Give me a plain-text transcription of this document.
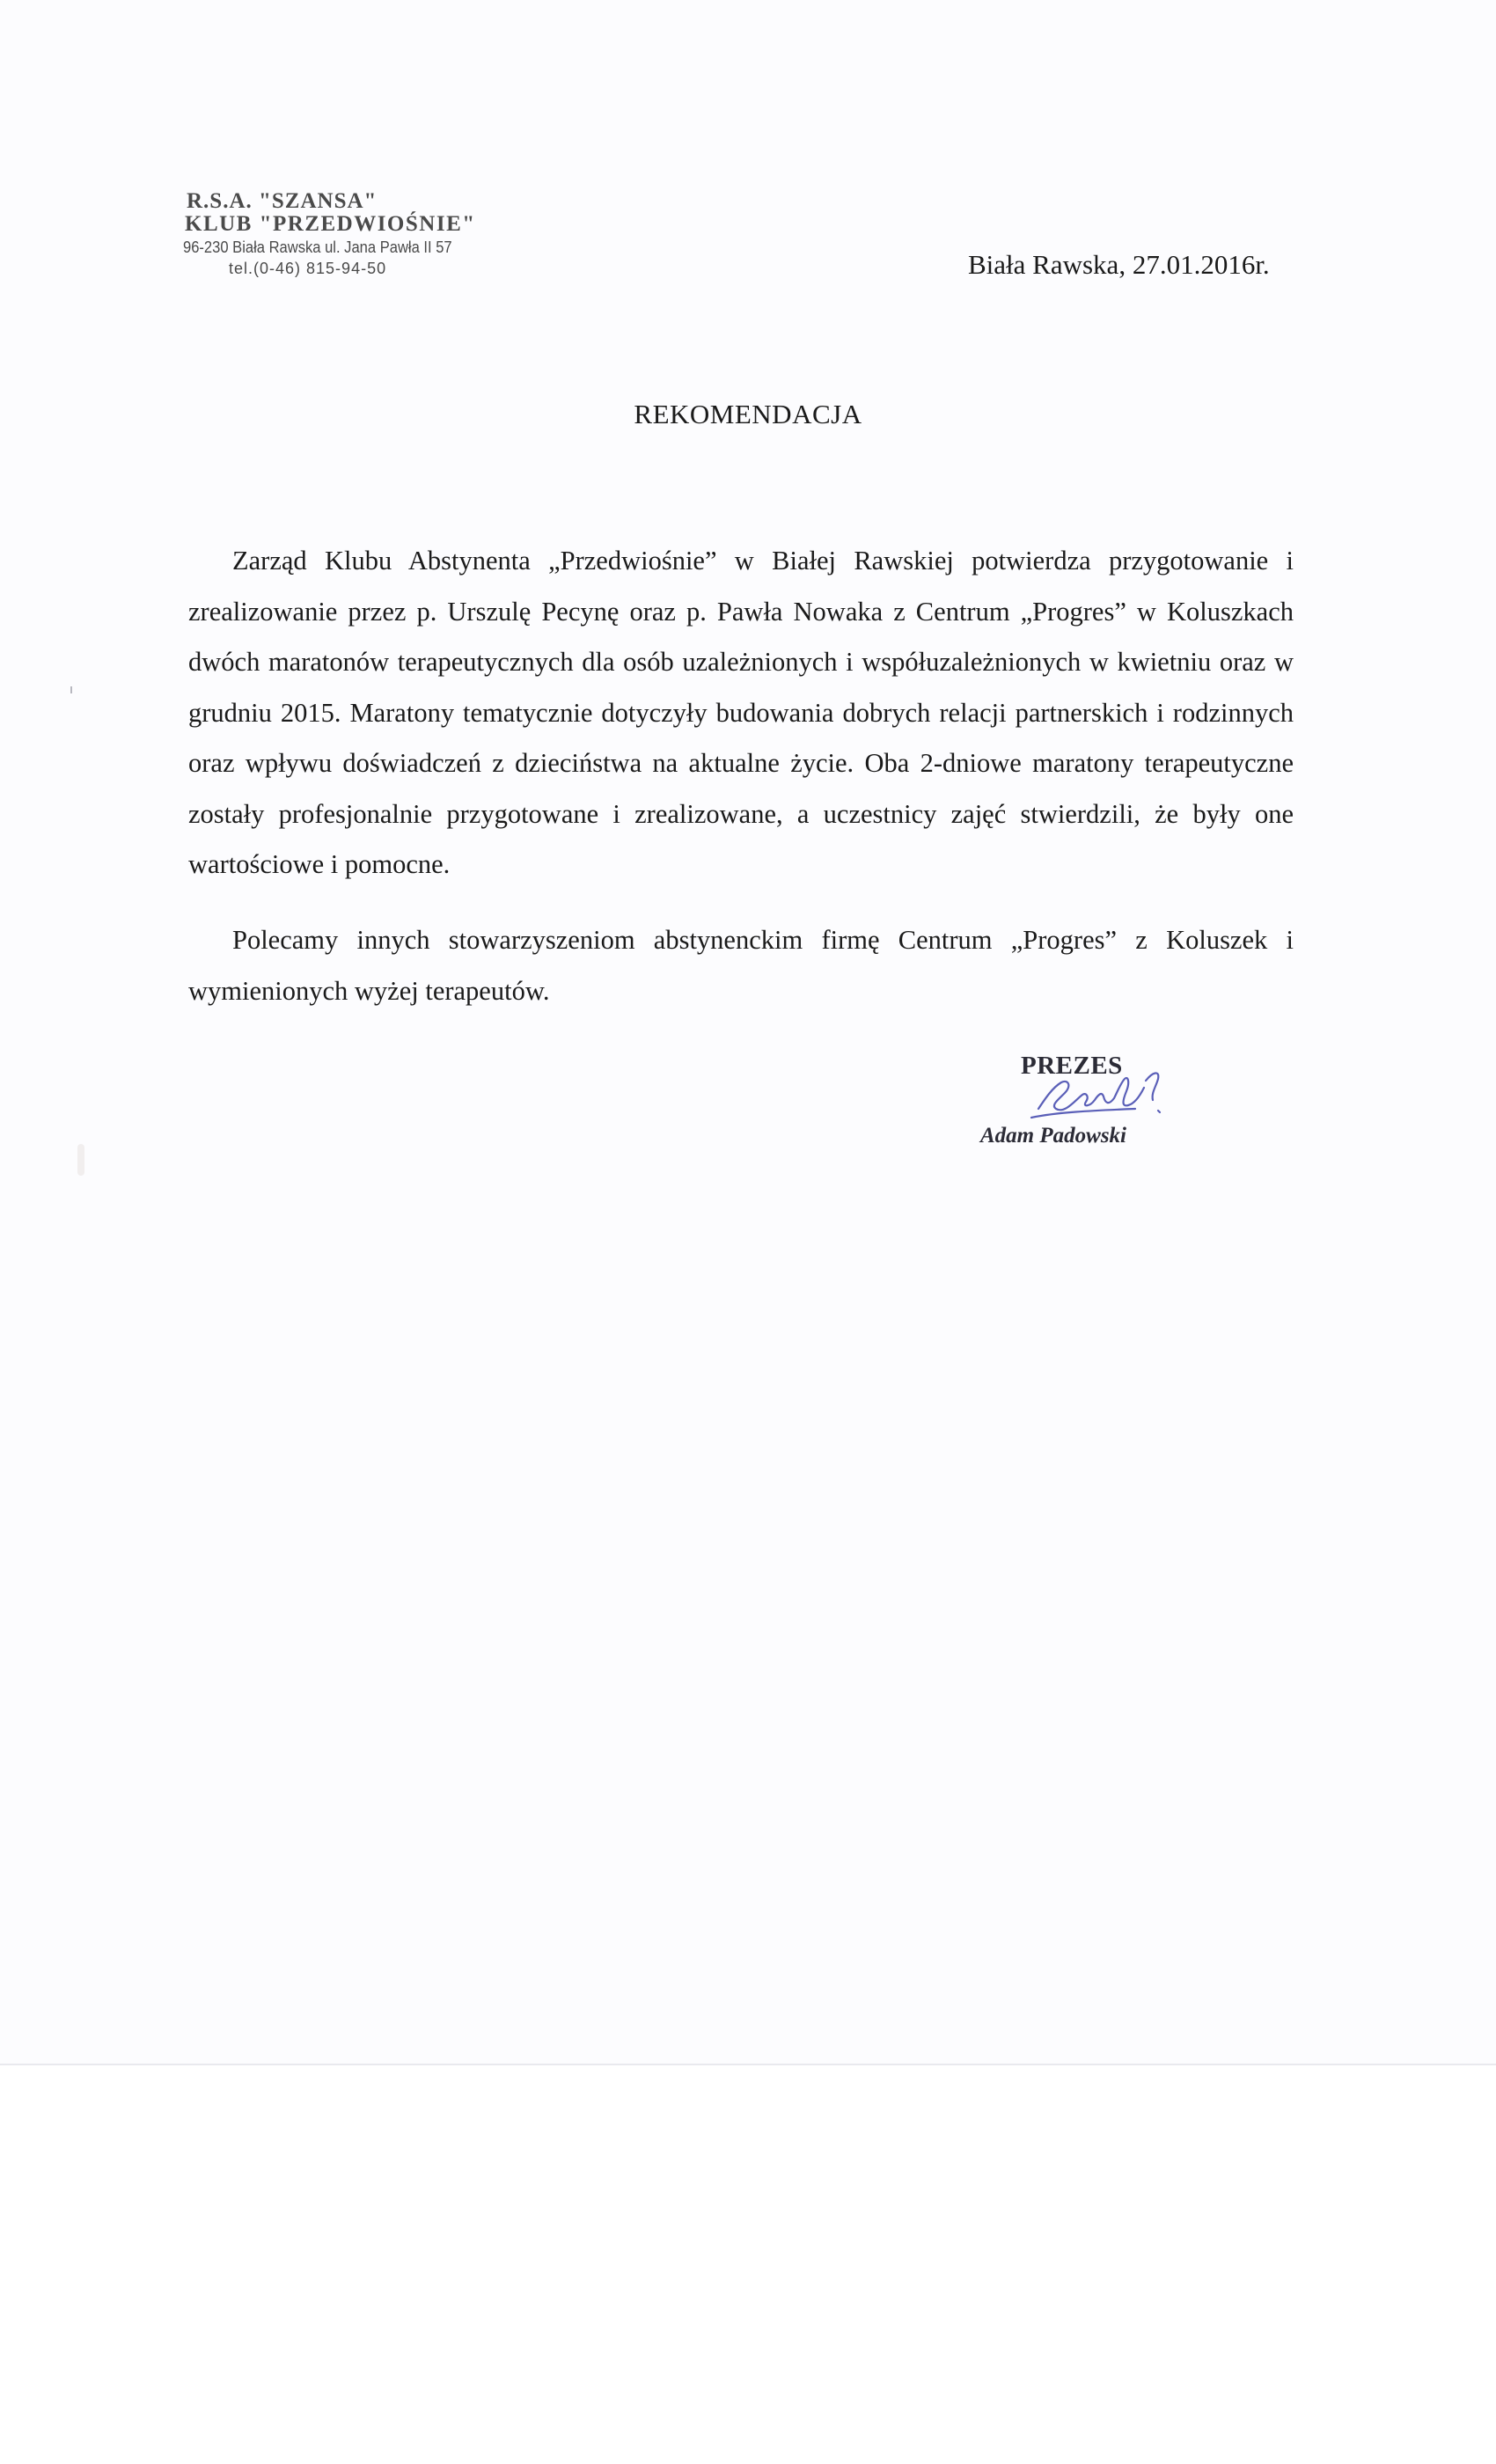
R.S.A. "SZANSA"
KLUB "PRZEDWIOŚNIE"
96-230 Biała Rawska ul. Jana Pawła II 57
tel.(0-46) 815-94-50	Biała Rawska, 27.01.2016r.
REKOMENDACJA
Zarząd Klubu Abstynenta „Przedwiośnie” w Białej Rawskiej potwierdza przygotowanie i zrealizowanie przez p. Urszulę Pecynę oraz p. Pawła Nowaka z Centrum „Progres” w Koluszkach dwóch maratonów terapeutycznych dla osób uzależnionych i współuzależnionych w kwietniu oraz w grudniu 2015. Maratony tematycznie dotyczyły budowania dobrych relacji partnerskich i rodzinnych oraz wpływu doświadczeń z dzieciństwa na aktualne życie. Oba 2-dniowe maratony terapeutyczne zostały profesjonalnie przygotowane i zrealizowane, a uczestnicy zajęć stwierdzili, że były one wartościowe i pomocne.
Polecamy innych stowarzyszeniom abstynenckim firmę Centrum „Progres” z Koluszek i wymienionych wyżej terapeutów.
PREZES
Adam Padowski
